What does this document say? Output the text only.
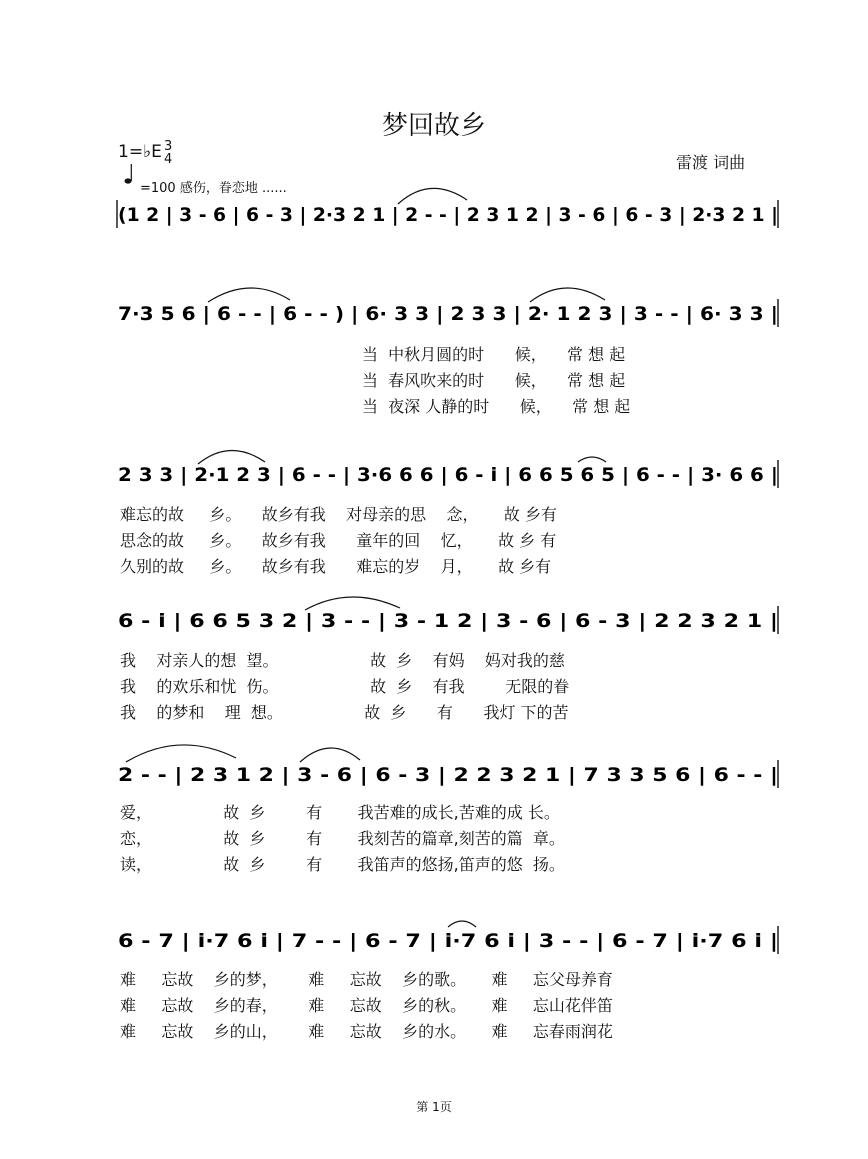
梦回故乡
1=♭E 3
4
=100 感伤，眷恋地 ......
雷渡 词曲
(1 2 | 3 - 6 | 6 - 3 | 2·3 2 1 | 2 - - | 2 3 1 2 | 3 - 6 | 6 - 3 | 2·3 2 1 |
7·3 5 6 | 6 - - | 6 - - ) | 6· 3 3 | 2 3 3 | 2· 1 2 3 | 3 - - | 6· 3 3 |
2 3 3 | 2·1 2 3 | 6 - - | 3·6 6 6 | 6 - i | 6 6 5 6 5 | 6 - - | 3· 6 6 |
6 - i | 6 6 5 3 2 | 3 - - | 3 - 1 2 | 3 - 6 | 6 - 3 | 2 2 3 2 1 |
2 - - | 2 3 1 2 | 3 - 6 | 6 - 3 | 2 2 3 2 1 | 7 3 3 5 6 | 6 - - |
6 - 7 | i·7 6 i | 7 - - | 6 - 7 | i·7 6 i | 3 - - | 6 - 7 | i·7 6 i |
当  中秋月圆的时      候，    常 想 起
当  春风吹来的时      候，    常 想 起
当  夜深 人静的时      候，    常 想 起
难忘的故     乡。    故乡有我    对母亲的思    念，     故 乡有
思念的故     乡。    故乡有我      童年的回    忆，     故 乡 有
久别的故     乡。    故乡有我      难忘的岁    月，     故 乡有
我    对亲人的想  望。                  故  乡    有妈    妈对我的慈
我    的欢乐和忧  伤。                  故  乡    有我        无限的眷
我    的梦和    理  想。                故  乡      有      我灯 下的苦
爱，              故  乡        有       我苦难的成长,苦难的成 长。
恋，              故  乡        有       我刻苦的篇章,刻苦的篇  章。
读，              故  乡        有       我笛声的悠扬,笛声的悠  扬。
难     忘故    乡的梦，      难     忘故    乡的歌。     难     忘父母养育
难     忘故    乡的春，      难     忘故    乡的秋。     难     忘山花伴笛
难     忘故    乡的山，      难     忘故    乡的水。     难     忘春雨润花
第 1页
